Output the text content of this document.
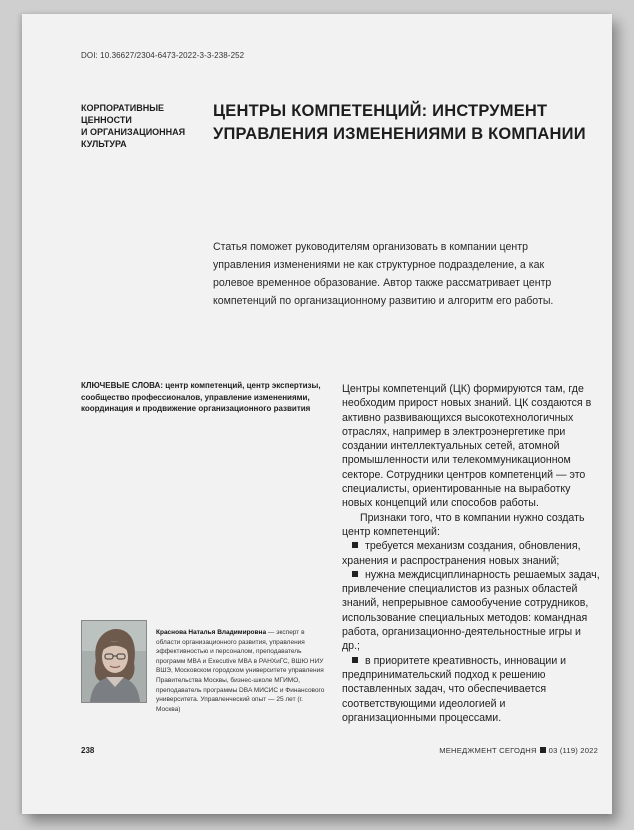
DOI: 10.36627/2304-6473-2022-3-3-238-252
КОРПОРАТИВНЫЕ
ЦЕННОСТИ
И ОРГАНИЗАЦИОННАЯ
КУЛЬТУРА
ЦЕНТРЫ КОМПЕТЕНЦИЙ: ИНСТРУМЕНТ
УПРАВЛЕНИЯ ИЗМЕНЕНИЯМИ В КОМПАНИИ
Статья поможет руководителям организовать в компании центр управления изменениями не как структурное подразделение, а как ролевое временное образование. Автор также рассматривает центр компетенций по организационному развитию и алгоритм его работы.
КЛЮЧЕВЫЕ СЛОВА: центр компетенций, центр экспертизы, сообщество профессионалов, управление изменениями, координация и продвижение организационного развития

Центры компетенций (ЦК) формируются там, где необходим прирост новых знаний. ЦК создаются в активно развивающихся высокотехнологичных отраслях, например в электроэнергетике при создании интеллектуальных сетей, атомной промышленности или телекоммуникационном секторе. Сотрудники центров компетенций — это специалисты, ориентированные на выработку новых концепций или способов работы.

Признаки того, что в компании нужно создать центр компетенций:

требуется механизм создания, обновления, хранения и распространения новых знаний;

нужна междисциплинарность решаемых задач, привлечение специалистов из разных областей знаний, непрерывное самообучение сотрудников, использование специальных методов: командная работа, организационно-деятельностные игры и др.;

в приоритете креативность, инновации и предпринимательский подход к решению поставленных задач, что обеспечивается соответствующими идеологией и организационными процессами.

Краснова Наталья Владимировна — эксперт в области организационного развития, управления эффективностью и персоналом, преподаватель программ MBA и Executive MBA в РАНХиГС, ВШЮ НИУ ВШЭ, Московском городском университете управления Правительства Москвы, бизнес-школе МГИМО, преподаватель программы DBA МИСИС и Финансового университета. Управленческий опыт — 25 лет (г. Москва)
238	МЕНЕДЖМЕНТ СЕГОДНЯ 03 (119) 2022
